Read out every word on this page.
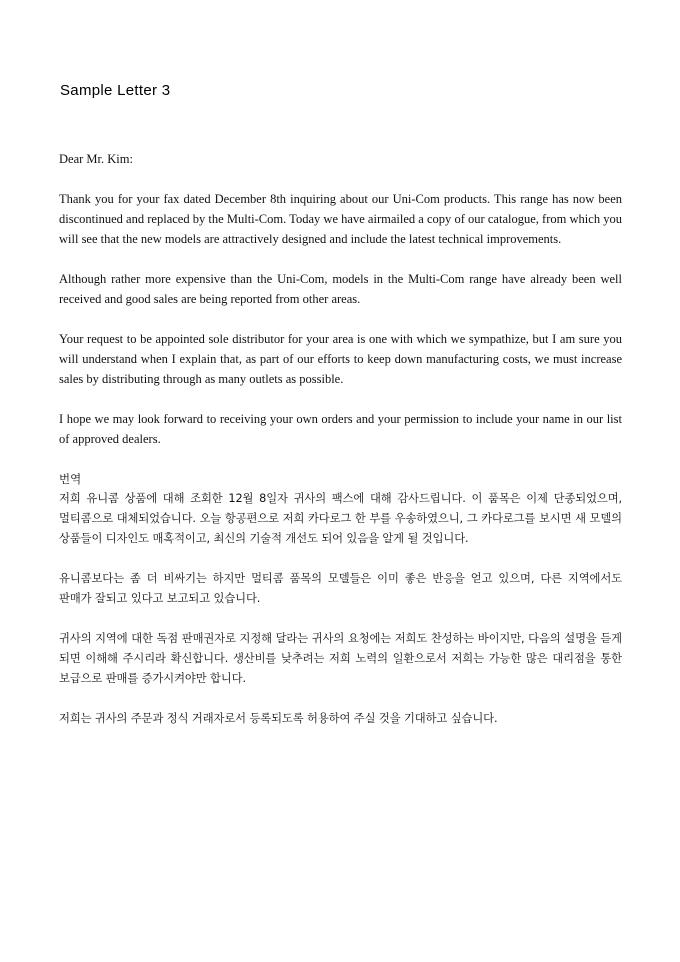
Sample Letter 3

Dear Mr. Kim:

Thank you for your fax dated December 8th inquiring about our Uni-Com products. This range has now been discontinued and replaced by the Multi-Com. Today we have airmailed a copy of our catalogue, from which you will see that the new models are attractively designed and include the latest technical improvements.

Although rather more expensive than the Uni-Com, models in the Multi-Com range have already been well received and good sales are being reported from other areas.

Your request to be appointed sole distributor for your area is one with which we sympathize, but I am sure you will understand when I explain that, as part of our efforts to keep down manufacturing costs, we must increase sales by distributing through as many outlets as possible.

I hope we may look forward to receiving your own orders and your permission to include your name in our list of approved dealers.

번역

저희 유니콤 상품에 대해 조회한 12월 8일자 귀사의 팩스에 대해 감사드립니다. 이 품목은 이제 단종되었으며, 멀티콤으로 대체되었습니다. 오늘 항공편으로 저희 카다로그 한 부를 우송하였으니, 그 카다로그를 보시면 새 모델의 상품들이 디자인도 매혹적이고, 최신의 기술적 개선도 되어 있음을 알게 될 것입니다.

유니콤보다는 좀 더 비싸기는 하지만 멀티콤 품목의 모델들은 이미 좋은 반응을 얻고 있으며, 다른 지역에서도 판매가 잘되고 있다고 보고되고 있습니다.

귀사의 지역에 대한 독점 판매권자로 지정해 달라는 귀사의 요청에는 저희도 찬성하는 바이지만, 다음의 설명을 듣게 되면 이해해 주시리라 확신합니다. 생산비를 낮추려는 저희 노력의 일환으로서 저희는 가능한 많은 대리점을 통한 보급으로 판매를 증가시켜야만 합니다.

저희는 귀사의 주문과 정식 거래자로서 등록되도록 허용하여 주실 것을 기대하고 싶습니다.
